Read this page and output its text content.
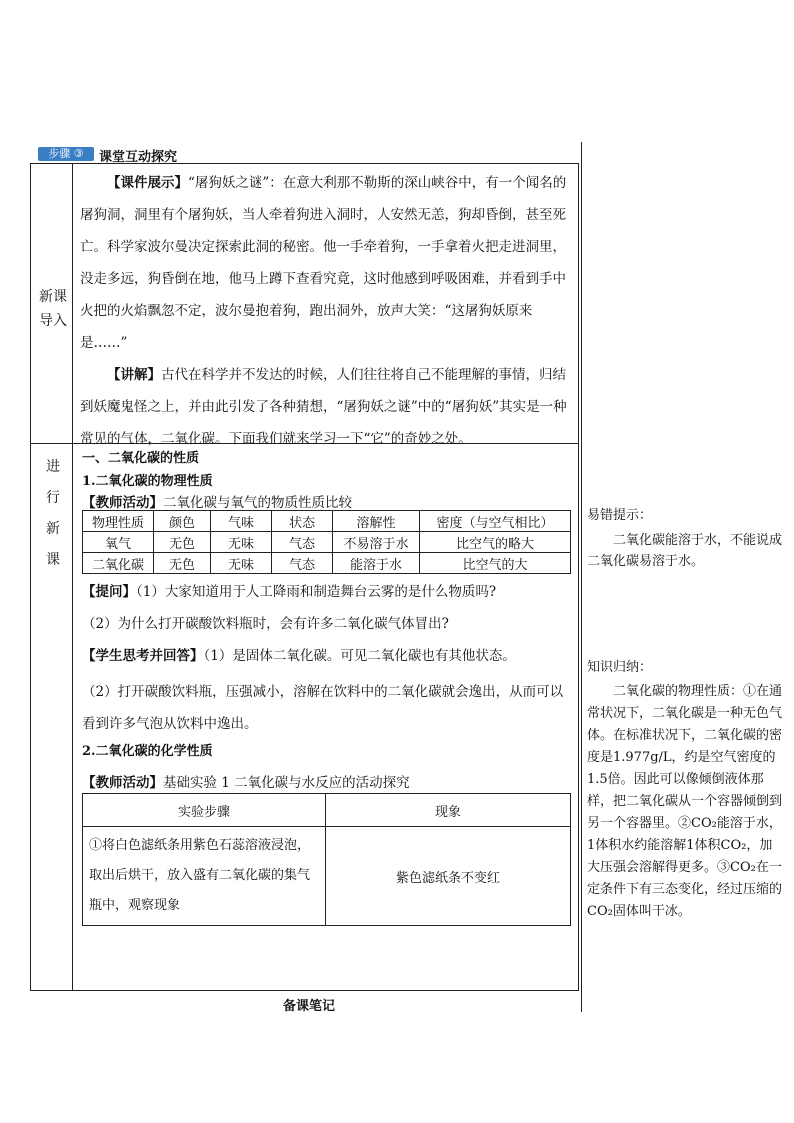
步骤 ③	课堂互动探究
新课
导入
进
行
新
课

【课件展示】“屠狗妖之谜”：在意大利那不勒斯的深山峡谷中，有一个闻名的屠狗洞，洞里有个屠狗妖，当人牵着狗进入洞时，人安然无恙，狗却昏倒，甚至死亡。科学家波尔曼决定探索此洞的秘密。他一手牵着狗，一手拿着火把走进洞里，没走多远，狗昏倒在地，他马上蹲下查看究竟，这时他感到呼吸困难，并看到手中火把的火焰飘忽不定，波尔曼抱着狗，跑出洞外，放声大笑：“这屠狗妖原来是……”

【讲解】古代在科学并不发达的时候，人们往往将自己不能理解的事情，归结到妖魔鬼怪之上，并由此引发了各种猜想，“屠狗妖之谜”中的“屠狗妖”其实是一种常见的气体，二氧化碳。下面我们就来学习一下“它”的奇妙之处。

一、二氧化碳的性质
1.二氧化碳的物理性质
【教师活动】二氧化碳与氧气的物质性质比较
物理性质	颜色	气味	状态	溶解性	密度（与空气相比）
氧气	无色	无味	气态	不易溶于水	比空气的略大
二氧化碳	无色	无味	气态	能溶于水	比空气的大
【提问】（1）大家知道用于人工降雨和制造舞台云雾的是什么物质吗?
（2）为什么打开碳酸饮料瓶时，会有许多二氧化碳气体冒出?
【学生思考并回答】（1）是固体二氧化碳。可见二氧化碳也有其他状态。
（2）打开碳酸饮料瓶，压强减小，溶解在饮料中的二氧化碳就会逸出，从而可以看到许多气泡从饮料中逸出。
2.二氧化碳的化学性质
【教师活动】基础实验 1 二氧化碳与水反应的活动探究
实验步骤	现象
①将白色滤纸条用紫色石蕊溶液浸泡，取出后烘干，放入盛有二氧化碳的集气瓶中，观察现象	紫色滤纸条不变红
易错提示：
二氧化碳能溶于水，不能说成二氧化碳易溶于水。
知识归纳：
二氧化碳的物理性质：①在通常状况下，二氧化碳是一种无色气体。在标准状况下，二氧化碳的密度是1.977g/L，约是空气密度的1.5倍。因此可以像倾倒液体那样，把二氧化碳从一个容器倾倒到另一个容器里。②CO₂能溶于水，1体积水约能溶解1体积CO₂，加大压强会溶解得更多。③CO₂在一定条件下有三态变化，经过压缩的CO₂固体叫干冰。
备课笔记
